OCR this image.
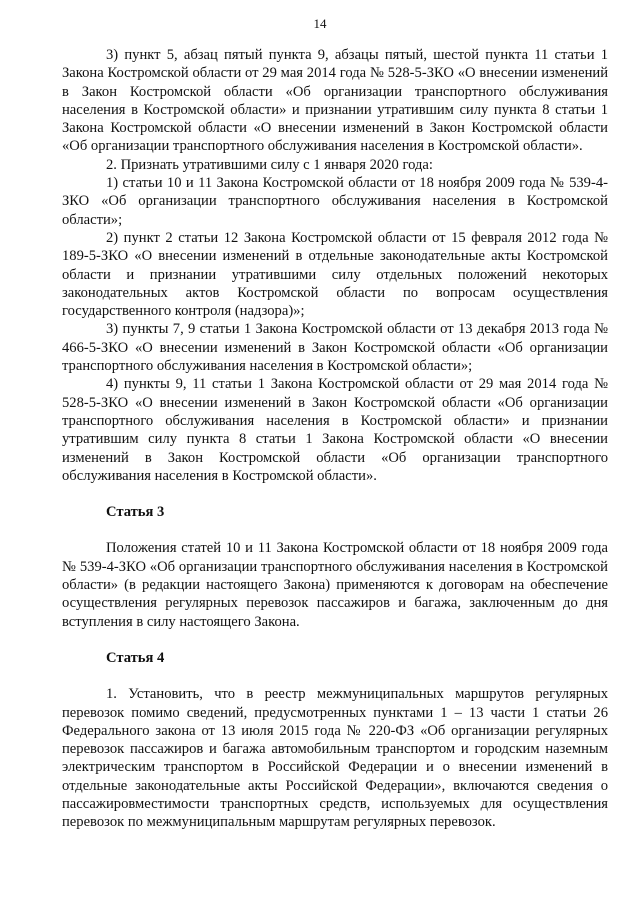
14

3) пункт 5, абзац пятый пункта 9, абзацы пятый, шестой пункта 11 статьи 1 Закона Костромской области от 29 мая 2014 года № 528-5-ЗКО «О внесении изменений в Закон Костромской области «Об организации транспортного обслуживания населения в Костромской области» и признании утратившим силу пункта 8 статьи 1 Закона Костромской области «О внесении изменений в Закон Костромской области «Об организации транспортного обслуживания населения в Костромской области».

2. Признать утратившими силу с 1 января 2020 года:

1) статьи 10 и 11 Закона Костромской области от 18 ноября 2009 года № 539-4-ЗКО «Об организации транспортного обслуживания населения в Костромской области»;

2) пункт 2 статьи 12 Закона Костромской области от 15 февраля 2012 года № 189-5-ЗКО «О внесении изменений в отдельные законодательные акты Костромской области и признании утратившими силу отдельных положений некоторых законодательных актов Костромской области по вопросам осуществления государственного контроля (надзора)»;

3) пункты 7, 9 статьи 1 Закона Костромской области от 13 декабря 2013 года № 466-5-ЗКО «О внесении изменений в Закон Костромской области «Об организации транспортного обслуживания населения в Костромской области»;

4) пункты 9, 11 статьи 1 Закона Костромской области от 29 мая 2014 года № 528-5-ЗКО «О внесении изменений в Закон Костромской области «Об организации транспортного обслуживания населения в Костромской области» и признании утратившим силу пункта 8 статьи 1 Закона Костромской области «О внесении изменений в Закон Костромской области «Об организации транспортного обслуживания населения в Костромской области».

Статья 3

Положения статей 10 и 11 Закона Костромской области от 18 ноября 2009 года № 539-4-ЗКО «Об организации транспортного обслуживания населения в Костромской области» (в редакции настоящего Закона) применяются к договорам на обеспечение осуществления регулярных перевозок пассажиров и багажа, заключенным до дня вступления в силу настоящего Закона.

Статья 4

1. Установить, что в реестр межмуниципальных маршрутов регулярных перевозок помимо сведений, предусмотренных пунктами 1 – 13 части 1 статьи 26 Федерального закона от 13 июля 2015 года № 220-ФЗ «Об организации регулярных перевозок пассажиров и багажа автомобильным транспортом и городским наземным электрическим транспортом в Российской Федерации и о внесении изменений в отдельные законодательные акты Российской Федерации», включаются сведения о пассажировместимости транспортных средств, используемых для осуществления перевозок по межмуниципальным маршрутам регулярных перевозок.
